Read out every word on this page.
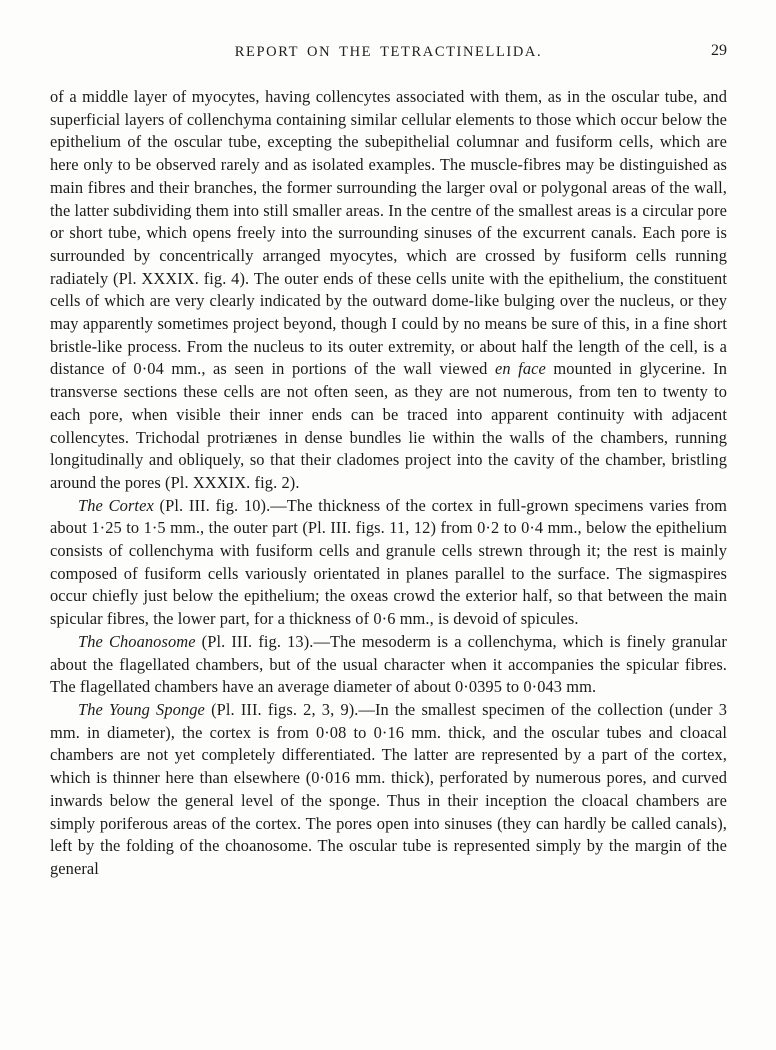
REPORT ON THE TETRACTINELLIDA.	29

of a middle layer of myocytes, having collencytes associated with them, as in the oscular tube, and superficial layers of collenchyma containing similar cellular elements to those which occur below the epithelium of the oscular tube, excepting the subepithelial columnar and fusiform cells, which are here only to be observed rarely and as isolated examples. The muscle-fibres may be distinguished as main fibres and their branches, the former surrounding the larger oval or polygonal areas of the wall, the latter subdividing them into still smaller areas. In the centre of the smallest areas is a circular pore or short tube, which opens freely into the surrounding sinuses of the excurrent canals. Each pore is surrounded by concentrically arranged myocytes, which are crossed by fusiform cells running radiately (Pl. XXXIX. fig. 4). The outer ends of these cells unite with the epithelium, the constituent cells of which are very clearly indicated by the outward dome-like bulging over the nucleus, or they may apparently sometimes project beyond, though I could by no means be sure of this, in a fine short bristle-like process. From the nucleus to its outer extremity, or about half the length of the cell, is a distance of 0·04 mm., as seen in portions of the wall viewed en face mounted in glycerine. In transverse sections these cells are not often seen, as they are not numerous, from ten to twenty to each pore, when visible their inner ends can be traced into apparent continuity with adjacent collencytes. Trichodal protriænes in dense bundles lie within the walls of the chambers, running longitudinally and obliquely, so that their cladomes project into the cavity of the chamber, bristling around the pores (Pl. XXXIX. fig. 2).

The Cortex (Pl. III. fig. 10).—The thickness of the cortex in full-grown specimens varies from about 1·25 to 1·5 mm., the outer part (Pl. III. figs. 11, 12) from 0·2 to 0·4 mm., below the epithelium consists of collenchyma with fusiform cells and granule cells strewn through it; the rest is mainly composed of fusiform cells variously orientated in planes parallel to the surface. The sigmaspires occur chiefly just below the epithelium; the oxeas crowd the exterior half, so that between the main spicular fibres, the lower part, for a thickness of 0·6 mm., is devoid of spicules.

The Choanosome (Pl. III. fig. 13).—The mesoderm is a collenchyma, which is finely granular about the flagellated chambers, but of the usual character when it accompanies the spicular fibres. The flagellated chambers have an average diameter of about 0·0395 to 0·043 mm.

The Young Sponge (Pl. III. figs. 2, 3, 9).—In the smallest specimen of the collection (under 3 mm. in diameter), the cortex is from 0·08 to 0·16 mm. thick, and the oscular tubes and cloacal chambers are not yet completely differentiated. The latter are represented by a part of the cortex, which is thinner here than elsewhere (0·016 mm. thick), perforated by numerous pores, and curved inwards below the general level of the sponge. Thus in their inception the cloacal chambers are simply poriferous areas of the cortex. The pores open into sinuses (they can hardly be called canals), left by the folding of the choanosome. The oscular tube is represented simply by the margin of the general
